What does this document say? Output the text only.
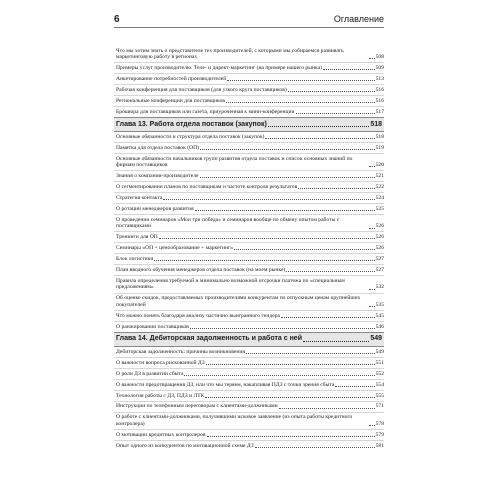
6	Оглавление
Что мы хотим знать о представителе тех производителей, с которыми мы собираемся развивать маркетинговую работу в регионах	508
Примеры услуг производителю. Теле- и директ-маркетинг (на примере нашего рынка)	509
Анкетирование потребностей производителей	513
Рабочая конференция для поставщиков (для узкого круга поставщиков)	516
Региональные конференции для поставщиков	516
Брошюра для поставщиков или газета, приуроченная к мини-конференции	517
Глава 13. Работа отдела поставок (закупок)	518
Основные обязанности и структура отдела поставок (закупок)	518
Памятка для отдела поставок (ОП)	519
Основные обязанности начальников групп развития отдела поставок и список основных знаний по фирмам поставщиков	520
Знания о компании-производителе	521
О сегментировании планов по поставщикам и частоте контроля результатов	522
Стратегия контакта	524
О ротации менеджеров развития	525
О проведении семинаров «Мои три победа» и семинаров вообще по обмену опытом работы с поставщиками	526
Тренинги для ОП	526
Семинары «ОП + ценообразование + маркетинг»	526
Блок логистики	527
План вводного обучения менеджеров отдела поставок (на моем рынке)	527
Правила определения требуемой и минимально возможной отсрочки платежа по «специальным предложениям»	532
Об оценке скидок, предоставляемых производителями конкурентам по отпускным ценам крупнейших покупателей	535
Что можно понять благодаря анализу частично выигранного тендера	545
О ранжировании поставщиков	546
Глава 14. Дебиторская задолженность и работа с ней	549
Дебиторская задолженность: причины возникновения	549
О важности вопроса рискованной ДЗ	551
О роли ДЗ в развитии сбыта	552
О важности предотвращения ДЗ, или что мы теряем, накапливая ПДЗ с точки зрения сбыта	554
Технология работы с ДЗ, ПДЗ и ЛТК	555
Инструкции по телефонным переговорам с клиентами-должниками	571
О работе с клиентами-должниками, получившими исковое заявление (из опыта работы кредитного контролера)	578
О мотивации кредитных контролеров	579
Опыт одного из конкурентов по мотивационной схеме ДЗ	581
